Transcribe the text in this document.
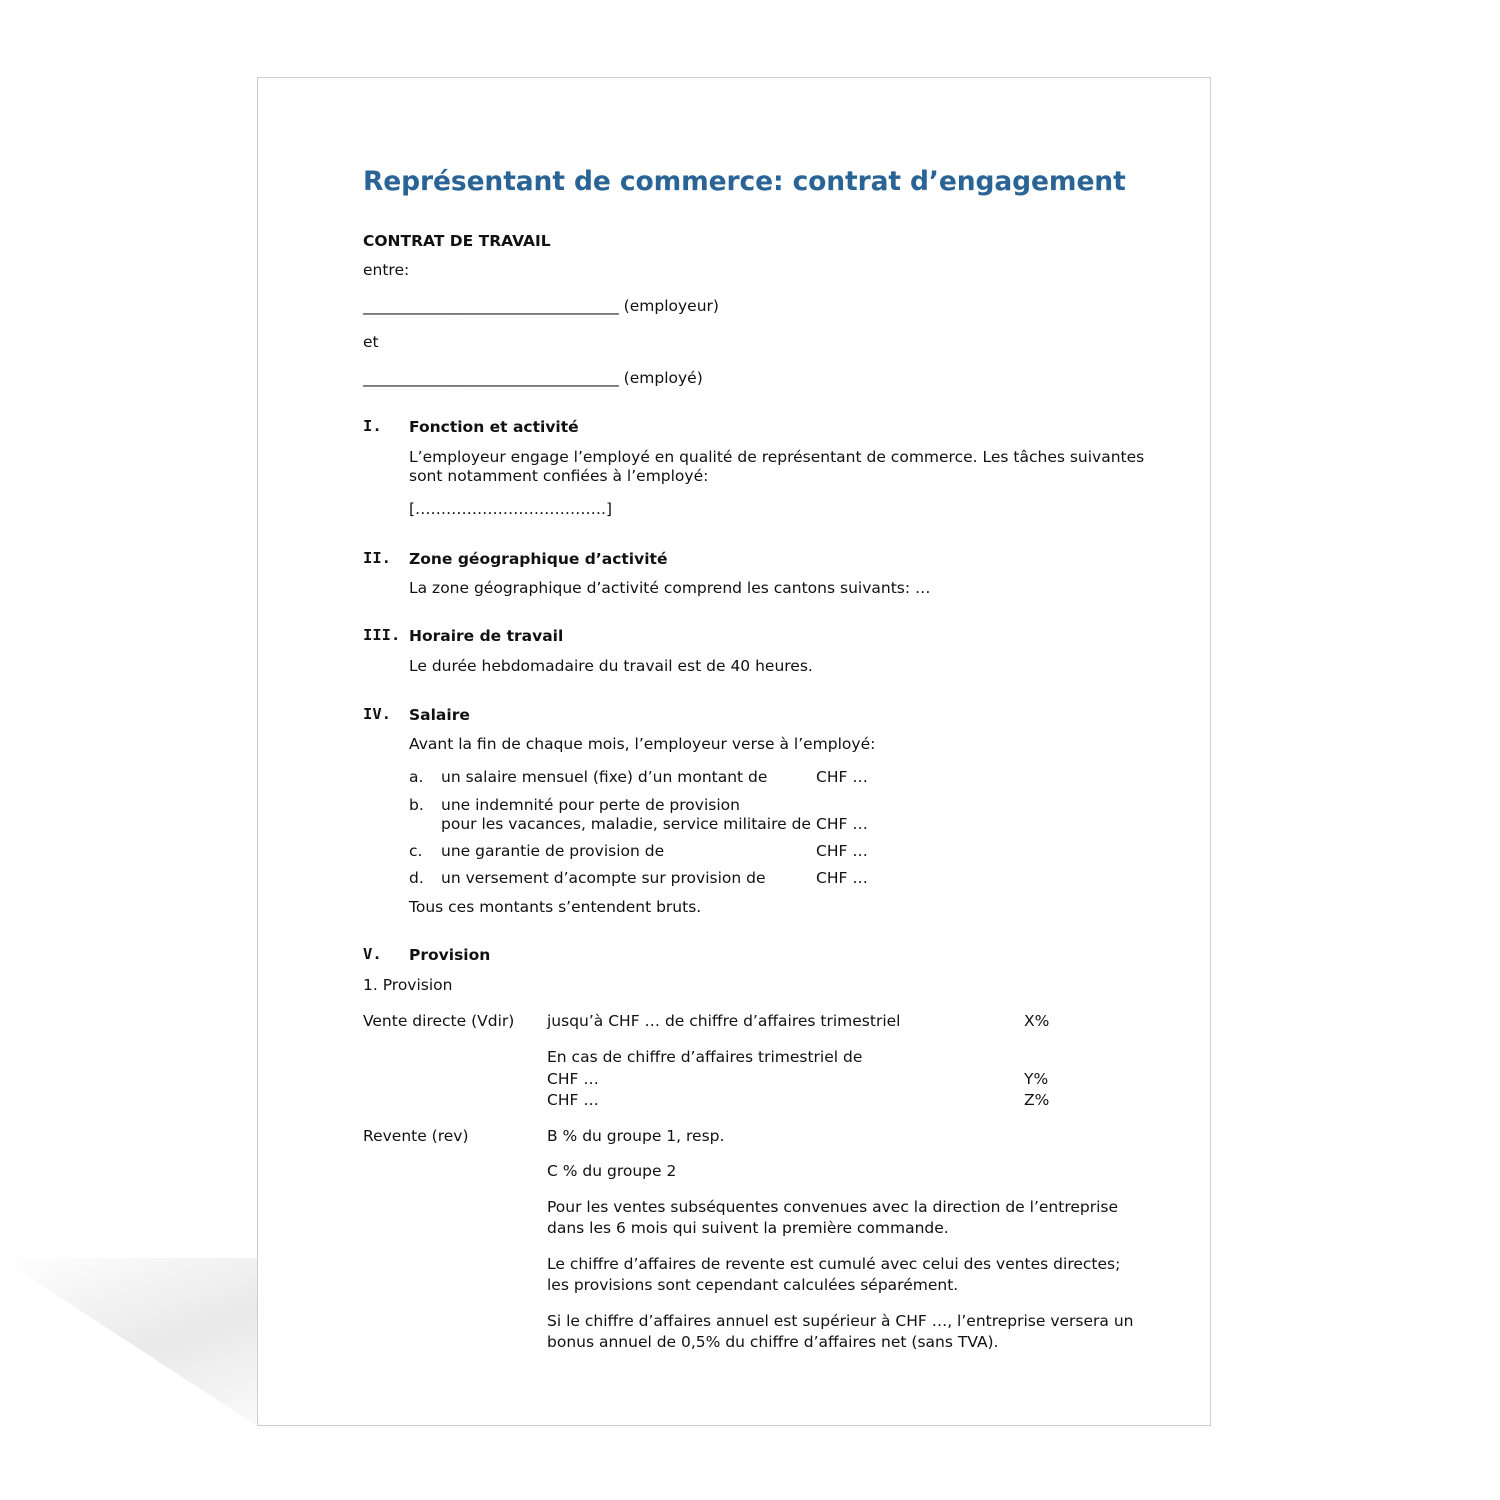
Représentant de commerce: contrat d’engagement
CONTRAT DE TRAVAIL
entre:
_________________________________ (employeur)
et
_________________________________ (employé)
I. Fonction et activité
L’employeur engage l’employé en qualité de représentant de commerce. Les tâches suivantes
sont notamment confiées à l’employé:
[……………………………….]
II. Zone géographique d’activité
La zone géographique d’activité comprend les cantons suivants: …
III. Horaire de travail
Le durée hebdomadaire du travail est de 40 heures.
IV. Salaire
Avant la fin de chaque mois, l’employeur verse à l’employé:
a. un salaire mensuel (fixe) d’un montant de	CHF …
b. une indemnité pour perte de provision
pour les vacances, maladie, service militaire de CHF …
c. une garantie de provision de	CHF …
d. un versement d’acompte sur provision de	CHF …
Tous ces montants s’entendent bruts.
V. Provision
1. Provision
Vente directe (Vdir) jusqu’à CHF … de chiffre d’affaires trimestriel	X%
En cas de chiffre d’affaires trimestriel de
CHF …	Y%
CHF …	Z%
Revente (rev)	B % du groupe 1, resp.
C % du groupe 2
Pour les ventes subséquentes convenues avec la direction de l’entreprise
dans les 6 mois qui suivent la première commande.
Le chiffre d’affaires de revente est cumulé avec celui des ventes directes;
les provisions sont cependant calculées séparément.
Si le chiffre d’affaires annuel est supérieur à CHF …, l’entreprise versera un
bonus annuel de 0,5% du chiffre d’affaires net (sans TVA).
